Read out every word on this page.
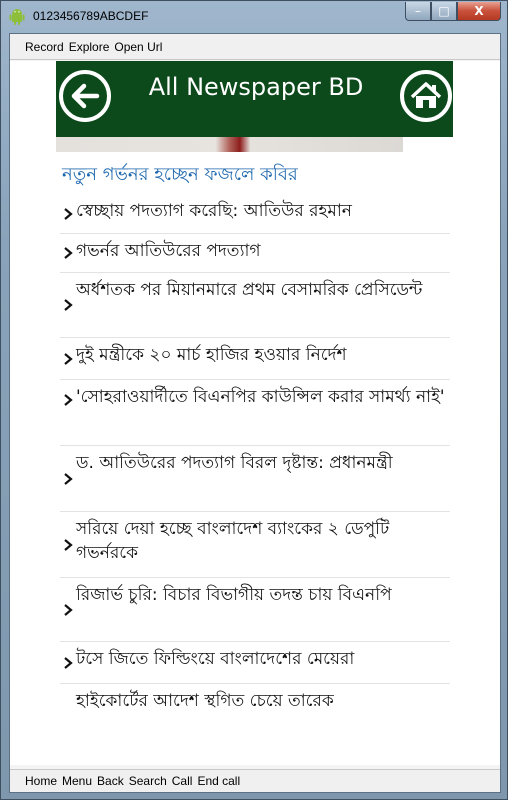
0123456789ABCDEF	– □ X
Record Explore Open Url
All Newspaper BD
নতুন গর্ভনর হচ্ছেন ফজলে কবির
স্বেচ্ছায় পদত্যাগ করেছি: আতিউর রহমান
গভর্নর আতিউরের পদত্যাগ
অর্ধশতক পর মিয়ানমারে প্রথম বেসামরিক প্রেসিডেন্ট
দুই মন্ত্রীকে ২০ মার্চ হাজির হওয়ার নির্দেশ
'সোহরাওয়ার্দীতে বিএনপির কাউন্সিল করার সামর্থ্য নাই'
ড. আতিউরের পদত্যাগ বিরল দৃষ্টান্ত: প্রধানমন্ত্রী
সরিয়ে দেয়া হচ্ছে বাংলাদেশ ব্যাংকের ২ ডেপুটি গভর্নরকে
রিজার্ভ চুরি: বিচার বিভাগীয় তদন্ত চায় বিএনপি
টসে জিতে ফিল্ডিংয়ে বাংলাদেশের মেয়েরা
হাইকোর্টের আদেশ স্থগিত চেয়ে তারেক
Home Menu Back Search Call End call
